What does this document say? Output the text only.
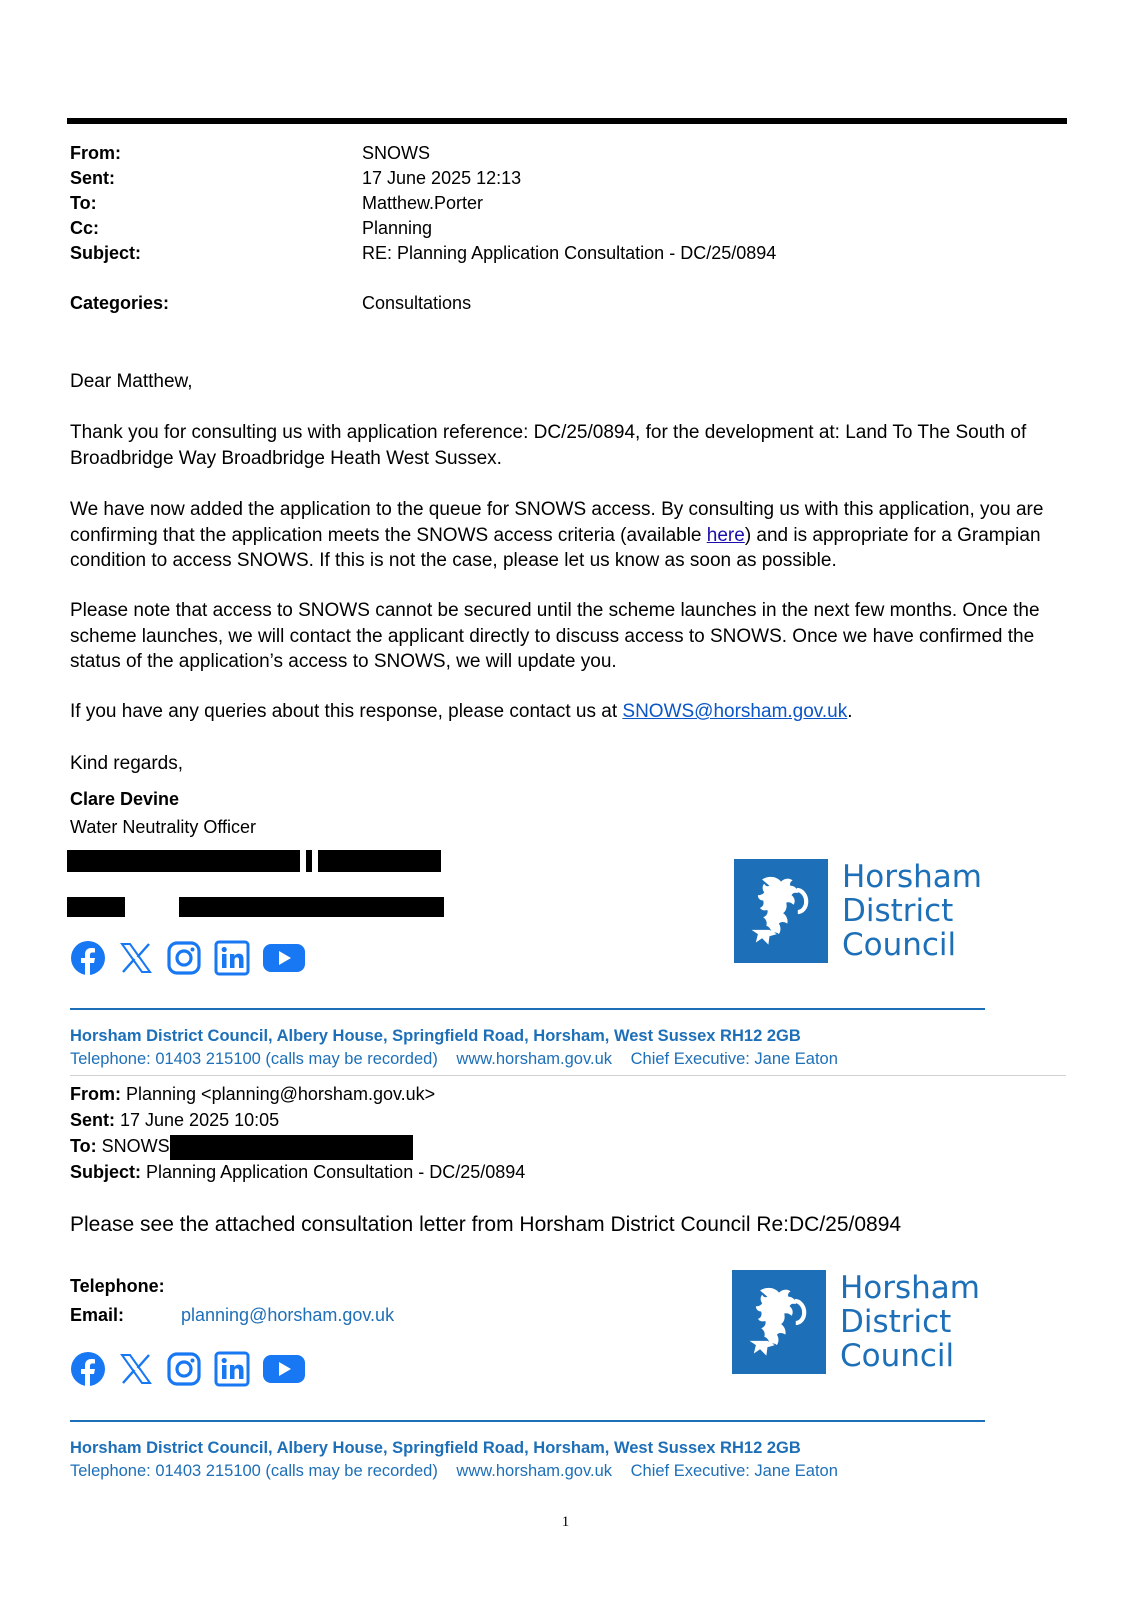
From:	SNOWS
Sent:	17 June 2025 12:13
To:	Matthew.Porter
Cc:	Planning
Subject:	RE: Planning Application Consultation - DC/25/0894
Categories:	Consultations
Dear Matthew,

Thank you for consulting us with application reference: DC/25/0894, for the development at: Land To The South of Broadbridge Way Broadbridge Heath West Sussex.

We have now added the application to the queue for SNOWS access. By consulting us with this application, you are confirming that the application meets the SNOWS access criteria (available here) and is appropriate for a Grampian condition to access SNOWS. If this is not the case, please let us know as soon as possible.

Please note that access to SNOWS cannot be secured until the scheme launches in the next few months. Once the scheme launches, we will contact the applicant directly to discuss access to SNOWS. Once we have confirmed the status of the application’s access to SNOWS, we will update you.

If you have any queries about this response, please contact us at SNOWS@horsham.gov.uk.

Kind regards,
Clare Devine
Water Neutrality Officer
Horsham
District
Council
Horsham District Council, Albery House, Springfield Road, Horsham, West Sussex RH12 2GB
Telephone: 01403 215100 (calls may be recorded) www.horsham.gov.uk Chief Executive: Jane Eaton
From: Planning <planning@horsham.gov.uk>
Sent: 17 June 2025 10:05
To: SNOWS
Subject: Planning Application Consultation - DC/25/0894
Please see the attached consultation letter from Horsham District Council Re:DC/25/0894
Telephone:
Email:	planning@horsham.gov.uk
Horsham
District
Council
Horsham District Council, Albery House, Springfield Road, Horsham, West Sussex RH12 2GB
Telephone: 01403 215100 (calls may be recorded) www.horsham.gov.uk Chief Executive: Jane Eaton
1
